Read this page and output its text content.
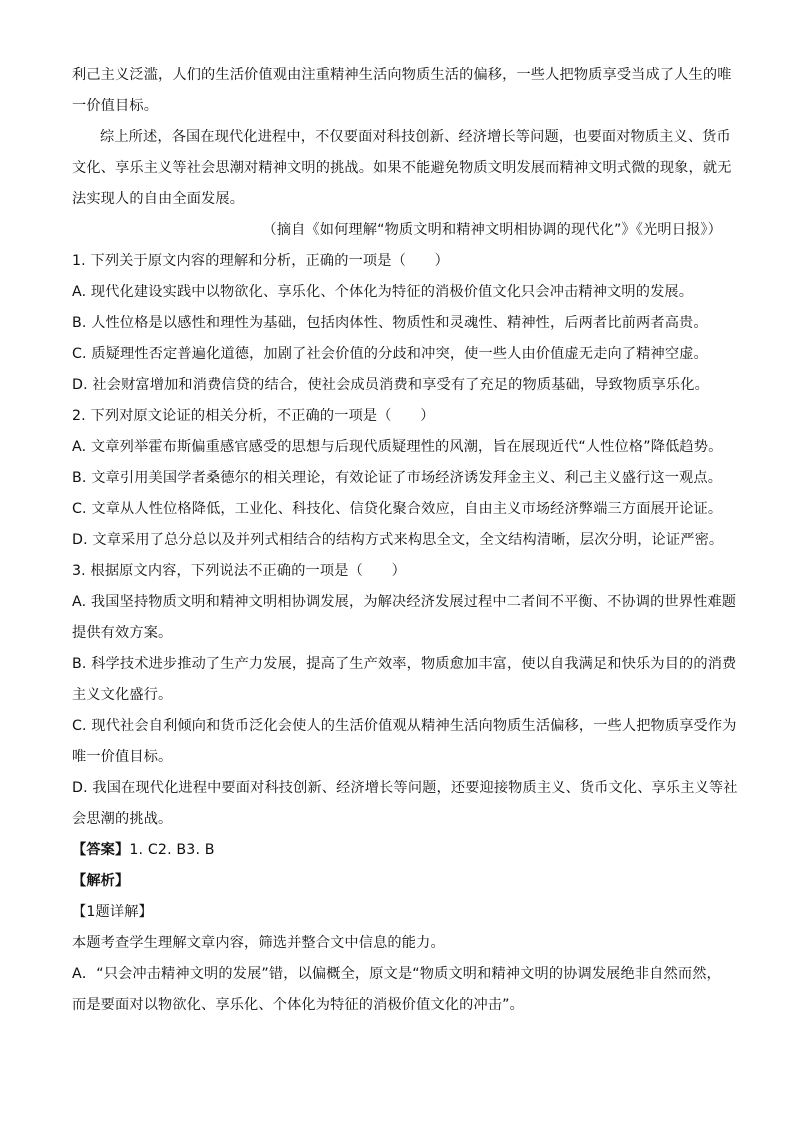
利己主义泛滥，人们的生活价值观由注重精神生活向物质生活的偏移，一些人把物质享受当成了人生的唯
一价值目标。
综上所述，各国在现代化进程中，不仅要面对科技创新、经济增长等问题，也要面对物质主义、货币
文化、享乐主义等社会思潮对精神文明的挑战。如果不能避免物质文明发展而精神文明式微的现象，就无
法实现人的自由全面发展。
（摘自《如何理解“物质文明和精神文明相协调的现代化”》《光明日报》）
1. 下列关于原文内容的理解和分析，正确的一项是（　　）
A. 现代化建设实践中以物欲化、享乐化、个体化为特征的消极价值文化只会冲击精神文明的发展。
B. 人性位格是以感性和理性为基础，包括肉体性、物质性和灵魂性、精神性，后两者比前两者高贵。
C. 质疑理性否定普遍化道德，加剧了社会价值的分歧和冲突，使一些人由价值虚无走向了精神空虚。
D. 社会财富增加和消费信贷的结合，使社会成员消费和享受有了充足的物质基础，导致物质享乐化。
2. 下列对原文论证的相关分析，不正确的一项是（　　）
A. 文章列举霍布斯偏重感官感受的思想与后现代质疑理性的风潮，旨在展现近代“人性位格”降低趋势。
B. 文章引用美国学者桑德尔的相关理论，有效论证了市场经济诱发拜金主义、利己主义盛行这一观点。
C. 文章从人性位格降低，工业化、科技化、信贷化聚合效应，自由主义市场经济弊端三方面展开论证。
D. 文章采用了总分总以及并列式相结合的结构方式来构思全文，全文结构清晰，层次分明，论证严密。
3. 根据原文内容，下列说法不正确的一项是（　　）
A. 我国坚持物质文明和精神文明相协调发展，为解决经济发展过程中二者间不平衡、不协调的世界性难题
提供有效方案。
B. 科学技术进步推动了生产力发展，提高了生产效率，物质愈加丰富，使以自我满足和快乐为目的的消费
主义文化盛行。
C. 现代社会自利倾向和货币泛化会使人的生活价值观从精神生活向物质生活偏移，一些人把物质享受作为
唯一价值目标。
D. 我国在现代化进程中要面对科技创新、经济增长等问题，还要迎接物质主义、货币文化、享乐主义等社
会思潮的挑战。
【答案】1. C2. B3. B
【解析】
【1题详解】
本题考查学生理解文章内容，筛选并整合文中信息的能力。
A．“只会冲击精神文明的发展”错，以偏概全，原文是“物质文明和精神文明的协调发展绝非自然而然，
而是要面对以物欲化、享乐化、个体化为特征的消极价值文化的冲击”。
